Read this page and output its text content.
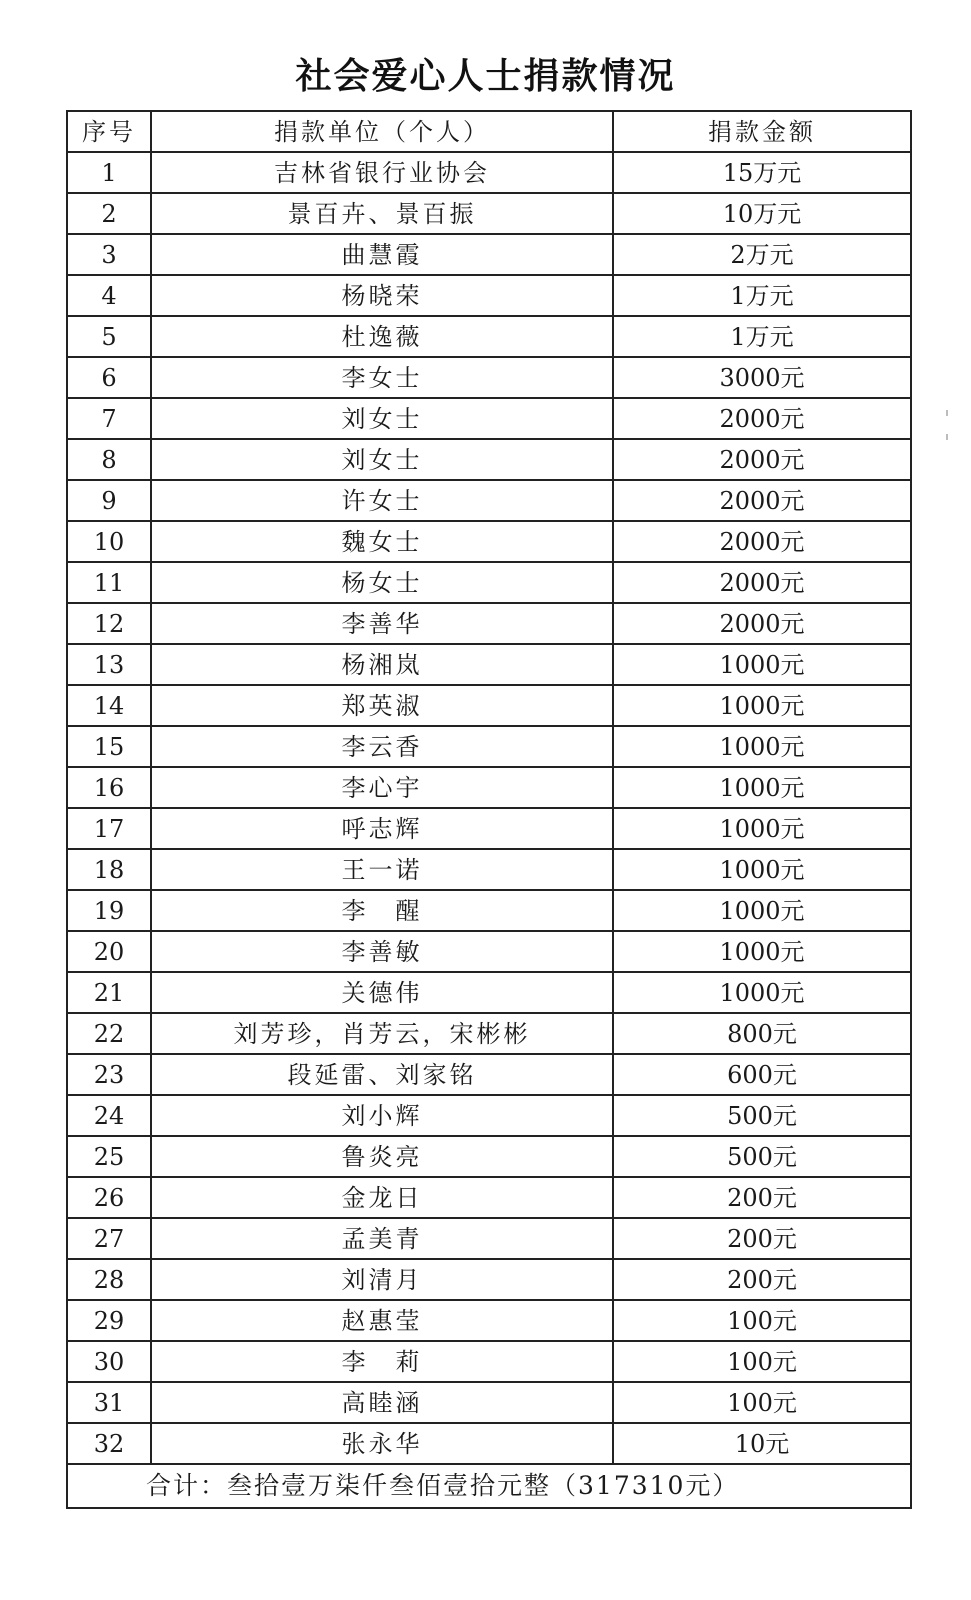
社会爱心人士捐款情况
序号	捐款单位（个人）	捐款金额
1	吉林省银行业协会	15万元
2	景百卉、景百振	10万元
3	曲慧霞	2万元
4	杨晓荣	1万元
5	杜逸薇	1万元
6	李女士	3000元
7	刘女士	2000元
8	刘女士	2000元
9	许女士	2000元
10	魏女士	2000元
11	杨女士	2000元
12	李善华	2000元
13	杨湘岚	1000元
14	郑英淑	1000元
15	李云香	1000元
16	李心宇	1000元
17	呼志辉	1000元
18	王一诺	1000元
19	李　醒	1000元
20	李善敏	1000元
21	关德伟	1000元
22	刘芳珍，肖芳云，宋彬彬	800元
23	段延雷、刘家铭	600元
24	刘小辉	500元
25	鲁炎亮	500元
26	金龙日	200元
27	孟美青	200元
28	刘清月	200元
29	赵惠莹	100元
30	李　莉	100元
31	高睦涵	100元
32	张永华	10元
合计：叁拾壹万柒仟叁佰壹拾元整（317310元）		
